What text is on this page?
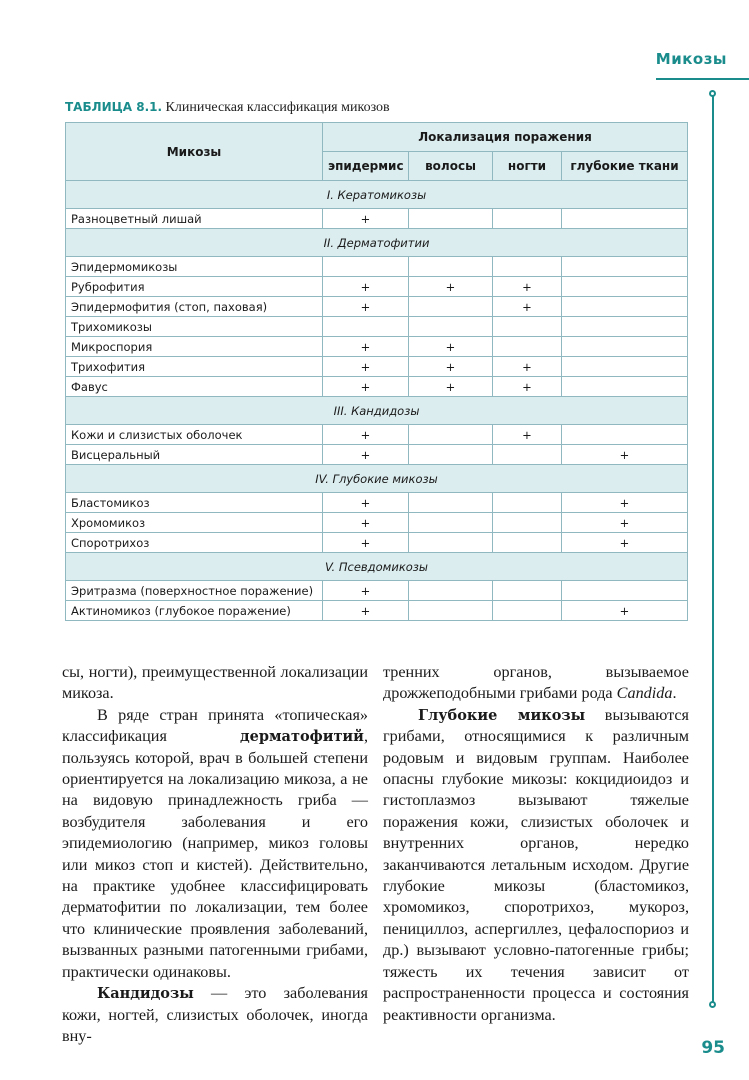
Микозы
ТАБЛИЦА 8.1. Клиническая классификация микозов
Микозы	Локализация поражения			
	эпидермис	волосы	ногти	глубокие ткани
I. Кератомикозы				
Разноцветный лишай	+			
II. Дерматофитии				
Эпидермомикозы				
Руброфития	+	+	+	
Эпидермофития (стоп, паховая)	+		+	
Трихомикозы				
Микроспория	+	+		
Трихофития	+	+	+	
Фавус	+	+	+	
III. Кандидозы				
Кожи и слизистых оболочек	+		+	
Висцеральный	+			+
IV. Глубокие микозы				
Бластомикоз	+			+
Хромомикоз	+			+
Споротрихоз	+			+
V. Псевдомикозы				
Эритразма (поверхностное поражение)	+			
Актиномикоз (глубокое поражение)	+			+

сы, ногти), преимущественной локализации микоза.

В ряде стран принята «топическая» классификация дерматофитий, пользуясь которой, врач в большей степени ориентируется на локализацию микоза, а не на видовую принадлежность гриба — возбудителя заболевания и его эпидемиологию (например, микоз головы или микоз стоп и кистей). Действительно, на практике удобнее классифицировать дерматофитии по локализации, тем более что клинические проявления заболеваний, вызванных разными патогенными грибами, практически одинаковы.

Кандидозы — это заболевания кожи, ногтей, слизистых оболочек, иногда вну-

тренних органов, вызываемое дрожжеподобными грибами рода Candida.

Глубокие микозы вызываются грибами, относящимися к различным родовым и видовым группам. Наиболее опасны глубокие микозы: кокцидиоидоз и гистоплазмоз вызывают тяжелые поражения кожи, слизистых оболочек и внутренних органов, нередко заканчиваются летальным исходом. Другие глубокие микозы (бластомикоз, хромомикоз, споротрихоз, мукороз, пенициллоз, аспергиллез, цефалоспориоз и др.) вызывают условно-патогенные грибы; тяжесть их течения зависит от распространенности процесса и состояния реактивности организма.

95
